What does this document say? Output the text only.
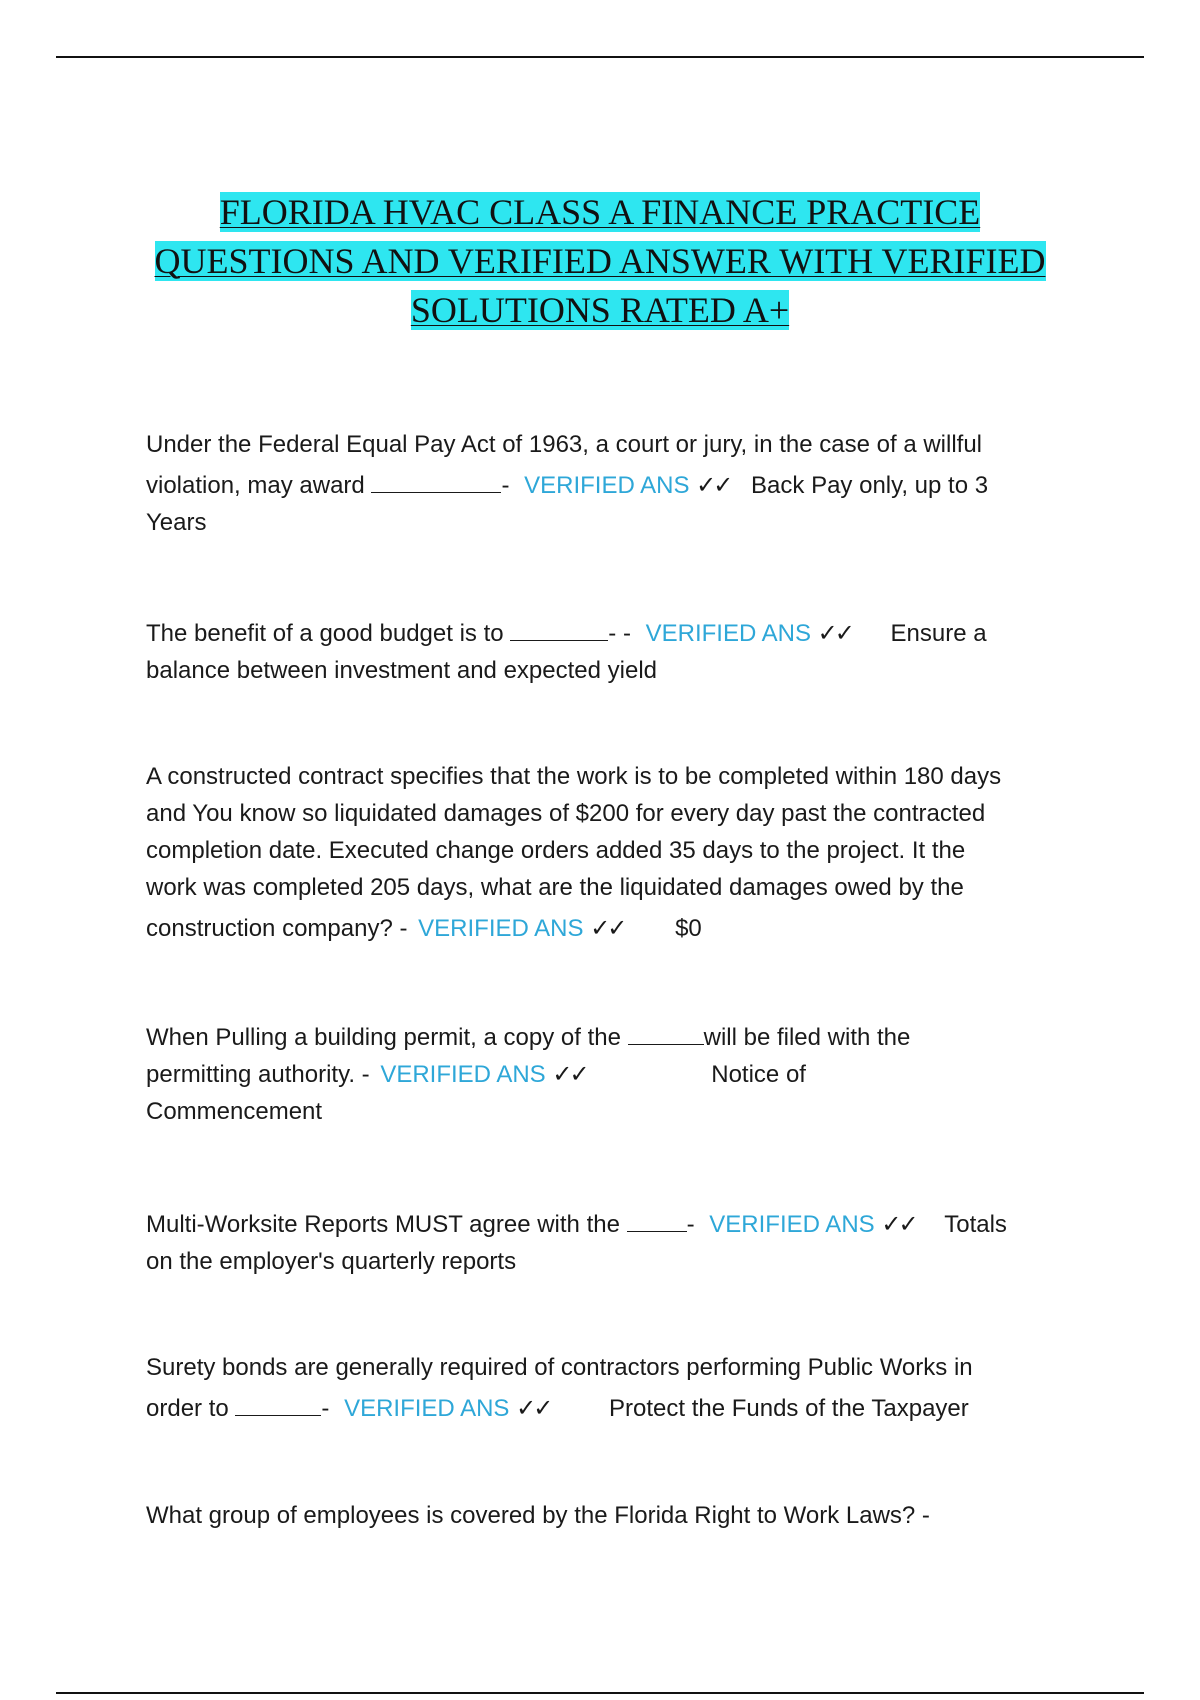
FLORIDA HVAC CLASS A FINANCE PRACTICE
QUESTIONS AND VERIFIED ANSWER WITH VERIFIED
SOLUTIONS RATED A+

Under the Federal Equal Pay Act of 1963, a court or jury, in the case of a willful

violation, may award	- VERIFIED ANS ✓✓ Back Pay only, up to 3

Years

The benefit of a good budget is to	- - VERIFIED ANS ✓✓ Ensure a

balance between investment and expected yield

A constructed contract specifies that the work is to be completed within 180 days

and You know so liquidated damages of $200 for every day past the contracted

completion date. Executed change orders added 35 days to the project. It the

work was completed 205 days, what are the liquidated damages owed by the

construction company? - VERIFIED ANS ✓✓ $0

When Pulling a building permit, a copy of the	will be filed with the

permitting authority. - VERIFIED ANS ✓✓	Notice of

Commencement

Multi-Worksite Reports MUST agree with the	- VERIFIED ANS ✓✓ Totals

on the employer's quarterly reports

Surety bonds are generally required of contractors performing Public Works in

order to	- VERIFIED ANS ✓✓ Protect the Funds of the Taxpayer

What group of employees is covered by the Florida Right to Work Laws? -
